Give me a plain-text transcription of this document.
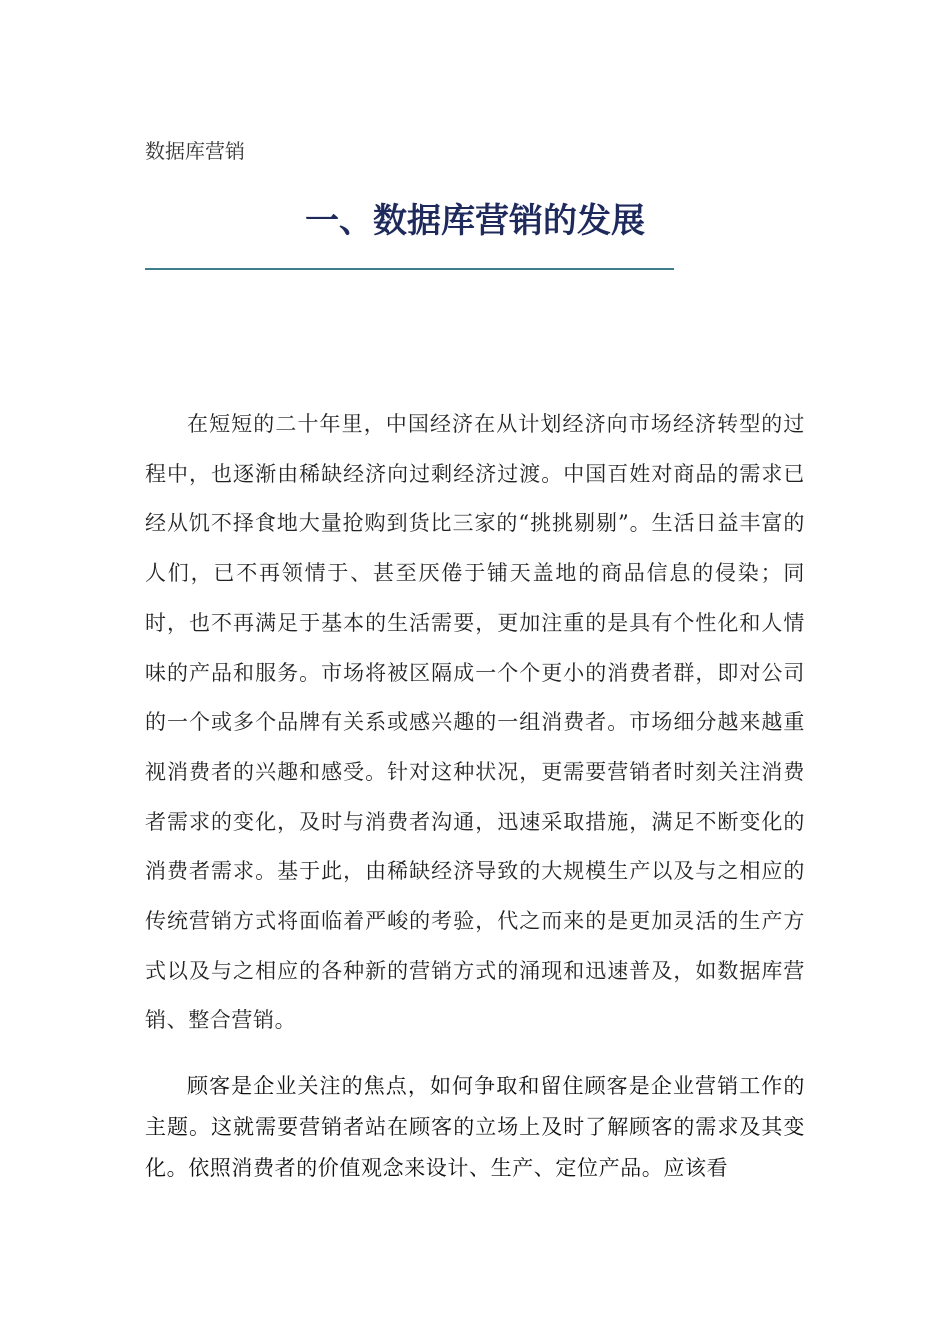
数据库营销

一、数据库营销的发展

在短短的二十年里，中国经济在从计划经济向市场经济转型的过程中，也逐渐由稀缺经济向过剩经济过渡。中国百姓对商品的需求已经从饥不择食地大量抢购到货比三家的“挑挑剔剔”。生活日益丰富的人们，已不再领情于、甚至厌倦于铺天盖地的商品信息的侵染；同时，也不再满足于基本的生活需要，更加注重的是具有个性化和人情味的产品和服务。市场将被区隔成一个个更小的消费者群，即对公司的一个或多个品牌有关系或感兴趣的一组消费者。市场细分越来越重视消费者的兴趣和感受。针对这种状况，更需要营销者时刻关注消费者需求的变化，及时与消费者沟通，迅速采取措施，满足不断变化的消费者需求。基于此，由稀缺经济导致的大规模生产以及与之相应的传统营销方式将面临着严峻的考验，代之而来的是更加灵活的生产方式以及与之相应的各种新的营销方式的涌现和迅速普及，如数据库营销、整合营销。

顾客是企业关注的焦点，如何争取和留住顾客是企业营销工作的主题。这就需要营销者站在顾客的立场上及时了解顾客的需求及其变化。依照消费者的价值观念来设计、生产、定位产品。应该看
